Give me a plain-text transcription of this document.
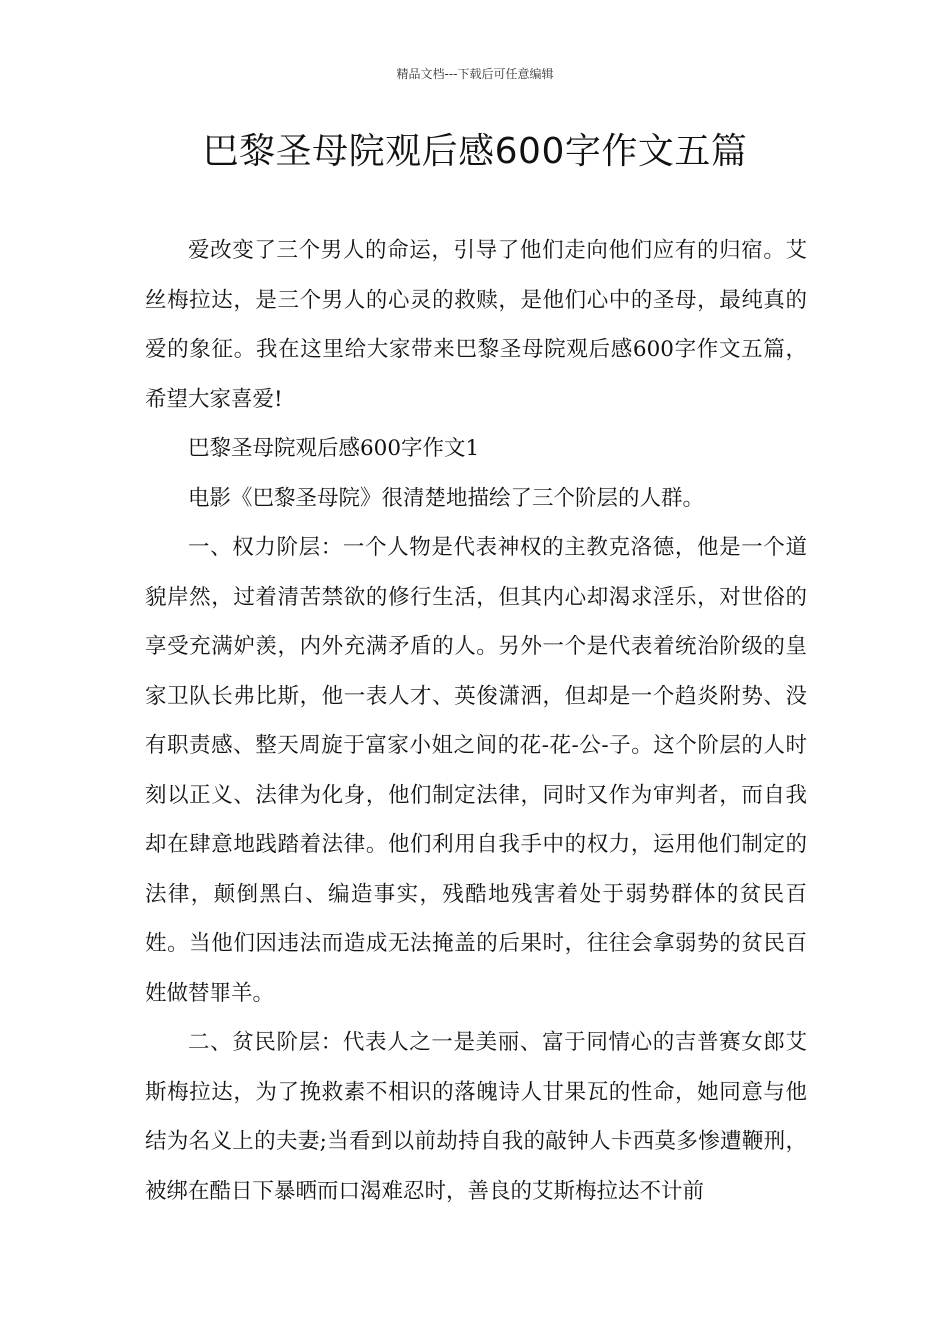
精品文档---下载后可任意编辑
巴黎圣母院观后感600字作文五篇

爱改变了三个男人的命运，引导了他们走向他们应有的归宿。艾丝梅拉达，是三个男人的心灵的救赎，是他们心中的圣母，最纯真的爱的象征。我在这里给大家带来巴黎圣母院观后感600字作文五篇，希望大家喜爱!

巴黎圣母院观后感600字作文1

电影《巴黎圣母院》很清楚地描绘了三个阶层的人群。

一、权力阶层：一个人物是代表神权的主教克洛德，他是一个道貌岸然，过着清苦禁欲的修行生活，但其内心却渴求淫乐，对世俗的享受充满妒羡，内外充满矛盾的人。另外一个是代表着统治阶级的皇家卫队长弗比斯，他一表人才、英俊潇洒，但却是一个趋炎附势、没有职责感、整天周旋于富家小姐之间的花-花-公-子。这个阶层的人时刻以正义、法律为化身，他们制定法律，同时又作为审判者，而自我却在肆意地践踏着法律。他们利用自我手中的权力，运用他们制定的法律，颠倒黑白、编造事实，残酷地残害着处于弱势群体的贫民百姓。当他们因违法而造成无法掩盖的后果时，往往会拿弱势的贫民百姓做替罪羊。

二、贫民阶层：代表人之一是美丽、富于同情心的吉普赛女郎艾斯梅拉达，为了挽救素不相识的落魄诗人甘果瓦的性命，她同意与他结为名义上的夫妻;当看到以前劫持自我的敲钟人卡西莫多惨遭鞭刑，被绑在酷日下暴晒而口渴难忍时，善良的艾斯梅拉达不计前
